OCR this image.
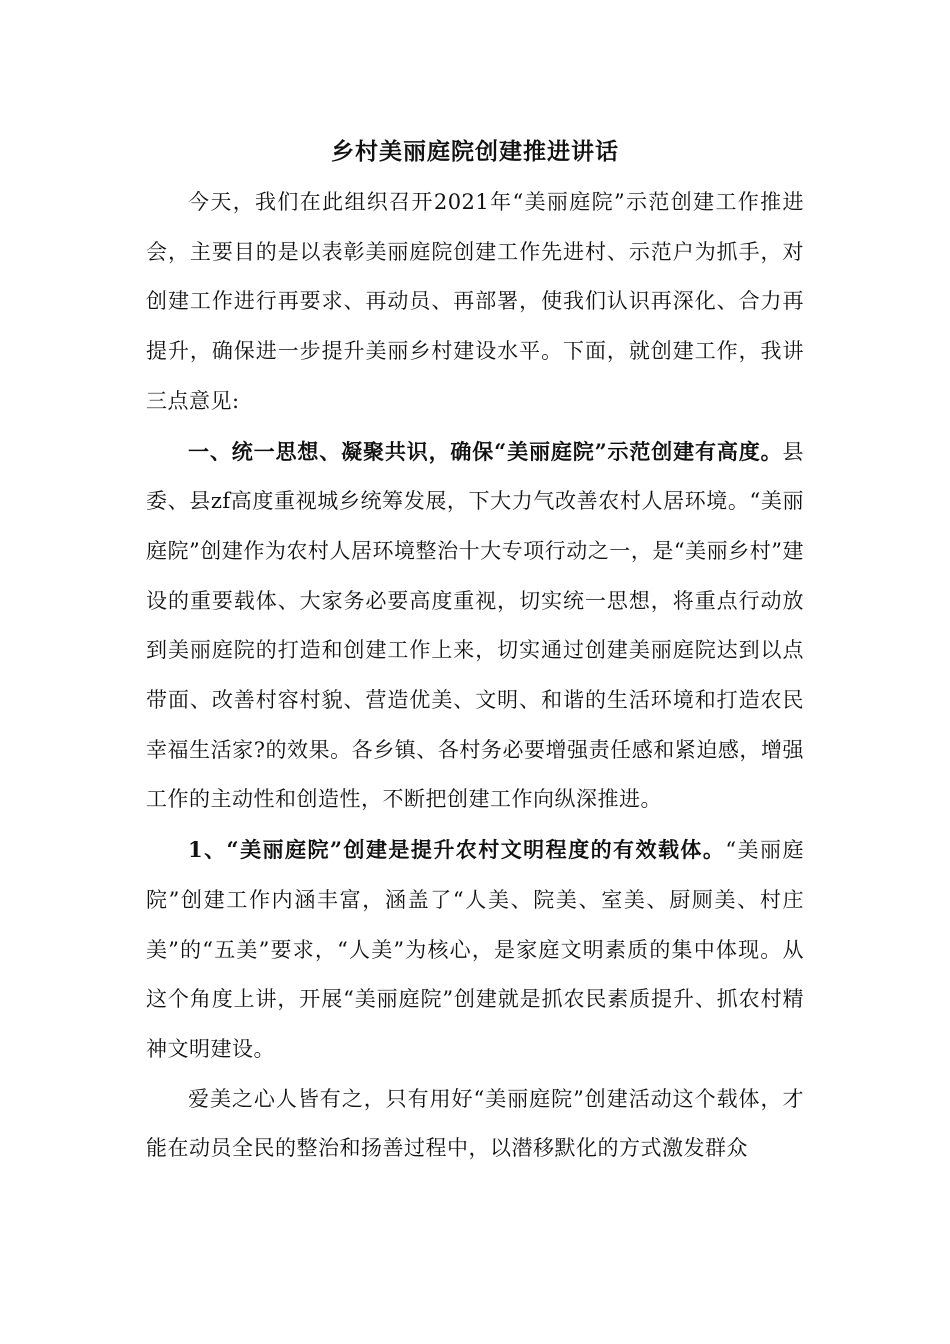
乡村美丽庭院创建推进讲话

今天，我们在此组织召开2021年“美丽庭院”示范创建工作推进会，主要目的是以表彰美丽庭院创建工作先进村、示范户为抓手，对创建工作进行再要求、再动员、再部署，使我们认识再深化、合力再提升，确保进一步提升美丽乡村建设水平。下面，就创建工作，我讲三点意见:

一、统一思想、凝聚共识，确保“美丽庭院”示范创建有高度。县委、县zf高度重视城乡统筹发展，下大力气改善农村人居环境。“美丽庭院”创建作为农村人居环境整治十大专项行动之一，是“美丽乡村”建设的重要载体、大家务必要高度重视，切实统一思想，将重点行动放到美丽庭院的打造和创建工作上来，切实通过创建美丽庭院达到以点带面、改善村容村貌、营造优美、文明、和谐的生活环境和打造农民幸福生活家?的效果。各乡镇、各村务必要增强责任感和紧迫感，增强工作的主动性和创造性，不断把创建工作向纵深推进。

1、“美丽庭院”创建是提升农村文明程度的有效载体。“美丽庭院”创建工作内涵丰富，涵盖了“人美、院美、室美、厨厕美、村庄美”的“五美”要求，“人美”为核心，是家庭文明素质的集中体现。从这个角度上讲，开展“美丽庭院”创建就是抓农民素质提升、抓农村精神文明建设。

爱美之心人皆有之，只有用好“美丽庭院”创建活动这个载体，才能在动员全民的整治和扬善过程中，以潜移默化的方式激发群众
